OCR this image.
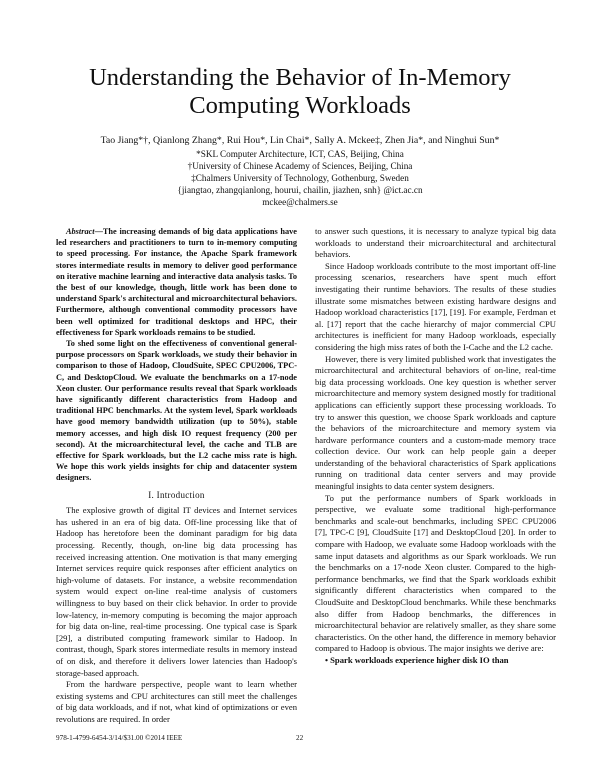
Understanding the Behavior of In-Memory Computing Workloads
Tao Jiang*†, Qianlong Zhang*, Rui Hou*, Lin Chai*, Sally A. Mckee‡, Zhen Jia*, and Ninghui Sun*
*SKL Computer Architecture, ICT, CAS, Beijing, China
†University of Chinese Academy of Sciences, Beijing, China
‡Chalmers University of Technology, Gothenburg, Sweden
{jiangtao, zhangqianlong, hourui, chailin, jiazhen, snh} @ict.ac.cn
mckee@chalmers.se

Abstract—The increasing demands of big data applications have led researchers and practitioners to turn to in-memory computing to speed processing. For instance, the Apache Spark framework stores intermediate results in memory to deliver good performance on iterative machine learning and interactive data analysis tasks. To the best of our knowledge, though, little work has been done to understand Spark's architectural and microarchitectural behaviors. Furthermore, although conventional commodity processors have been well optimized for traditional desktops and HPC, their effectiveness for Spark workloads remains to be studied.

To shed some light on the effectiveness of conventional general-purpose processors on Spark workloads, we study their behavior in comparison to those of Hadoop, CloudSuite, SPEC CPU2006, TPC-C, and DesktopCloud. We evaluate the benchmarks on a 17-node Xeon cluster. Our performance results reveal that Spark workloads have significantly different characteristics from Hadoop and traditional HPC benchmarks. At the system level, Spark workloads have good memory bandwidth utilization (up to 50%), stable memory accesses, and high disk IO request frequency (200 per second). At the microarchitectural level, the cache and TLB are effective for Spark workloads, but the L2 cache miss rate is high. We hope this work yields insights for chip and datacenter system designers.

I. Introduction

The explosive growth of digital IT devices and Internet services has ushered in an era of big data. Off-line processing like that of Hadoop has heretofore been the dominant paradigm for big data processing. Recently, though, on-line big data processing has received increasing attention. One motivation is that many emerging Internet services require quick responses after efficient analytics on high-volume of datasets. For instance, a website recommendation system would expect on-line real-time analysis of customers willingness to buy based on their click behavior. In order to provide low-latency, in-memory computing is becoming the major approach for big data on-line, real-time processing. One typical case is Spark [29], a distributed computing framework similar to Hadoop. In contrast, though, Spark stores intermediate results in memory instead of on disk, and therefore it delivers lower latencies than Hadoop's storage-based approach.

From the hardware perspective, people want to learn whether existing systems and CPU architectures can still meet the challenges of big data workloads, and if not, what kind of optimizations or even revolutions are required. In order

to answer such questions, it is necessary to analyze typical big data workloads to understand their microarchitectural and architectural behaviors.

Since Hadoop workloads contribute to the most important off-line processing scenarios, researchers have spent much effort investigating their runtime behaviors. The results of these studies illustrate some mismatches between existing hardware designs and Hadoop workload characteristics [17], [19]. For example, Ferdman et al. [17] report that the cache hierarchy of major commercial CPU architectures is inefficient for many Hadoop workloads, especially considering the high miss rates of both the I-Cache and the L2 cache.

However, there is very limited published work that investigates the microarchitectural and architectural behaviors of on-line, real-time big data processing workloads. One key question is whether server microarchitecture and memory system designed mostly for traditional applications can efficiently support these processing workloads. To try to answer this question, we choose Spark workloads and capture the behaviors of the microarchitecture and memory system via hardware performance counters and a custom-made memory trace collection device. Our work can help people gain a deeper understanding of the behavioral characteristics of Spark applications running on traditional data center servers and may provide meaningful insights to data center system designers.

To put the performance numbers of Spark workloads in perspective, we evaluate some traditional high-performance benchmarks and scale-out benchmarks, including SPEC CPU2006 [7], TPC-C [9], CloudSuite [17] and DesktopCloud [20]. In order to compare with Hadoop, we evaluate some Hadoop workloads with the same input datasets and algorithms as our Spark workloads. We run the benchmarks on a 17-node Xeon cluster. Compared to the high-performance benchmarks, we find that the Spark workloads exhibit significantly different characteristics when compared to the CloudSuite and DesktopCloud benchmarks. While these benchmarks also differ from Hadoop benchmarks, the differences in microarchitectural behavior are relatively smaller, as they share some characteristics. On the other hand, the difference in memory behavior compared to Hadoop is obvious. The major insights we derive are:

• Spark workloads experience higher disk IO than

978-1-4799-6454-3/14/$31.00 ©2014 IEEE	22
